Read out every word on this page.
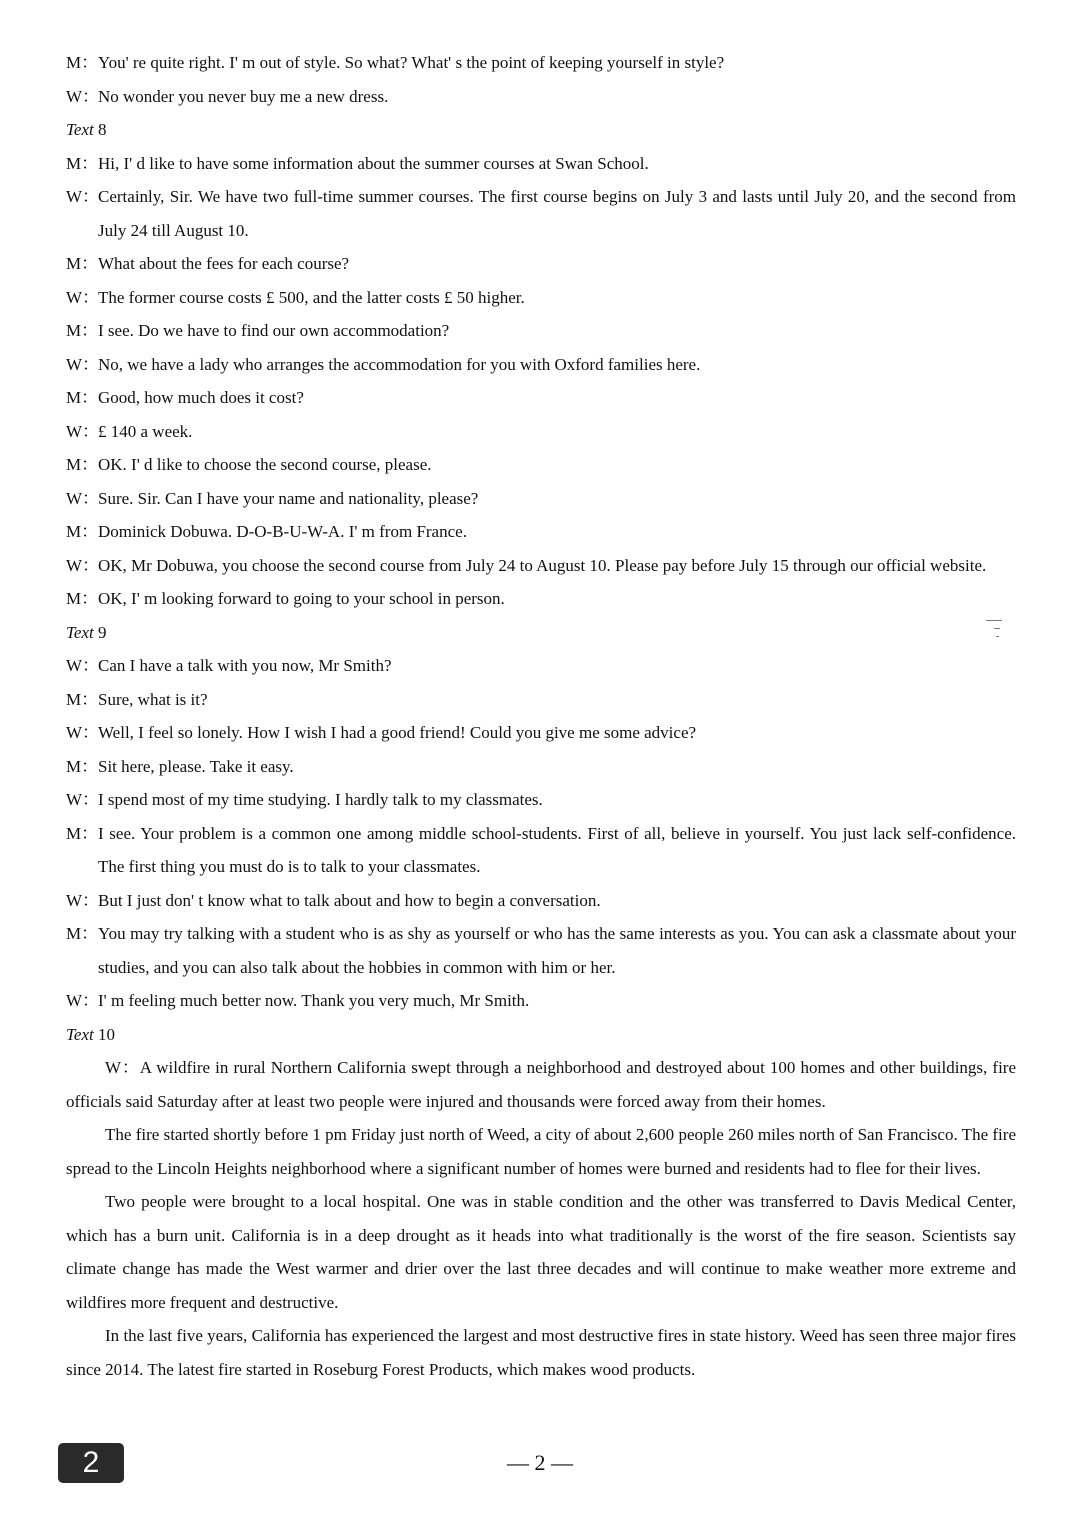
M：You' re quite right. I' m out of style. So what? What' s the point of keeping yourself in style?
W：No wonder you never buy me a new dress.
Text 8
M：Hi, I' d like to have some information about the summer courses at Swan School.
W：Certainly, Sir. We have two full-time summer courses. The first course begins on July 3 and lasts until July 20, and the second from July 24 till August 10.
M：What about the fees for each course?
W：The former course costs £ 500, and the latter costs £ 50 higher.
M：I see. Do we have to find our own accommodation?
W：No, we have a lady who arranges the accommodation for you with Oxford families here.
M：Good, how much does it cost?
W：£ 140 a week.
M：OK. I' d like to choose the second course, please.
W：Sure. Sir. Can I have your name and nationality, please?
M：Dominick Dobuwa. D-O-B-U-W-A. I' m from France.
W：OK, Mr Dobuwa, you choose the second course from July 24 to August 10. Please pay before July 15 through our official website.
M：OK, I' m looking forward to going to your school in person.
Text 9
W：Can I have a talk with you now, Mr Smith?
M：Sure, what is it?
W：Well, I feel so lonely. How I wish I had a good friend! Could you give me some advice?
M：Sit here, please. Take it easy.
W：I spend most of my time studying. I hardly talk to my classmates.
M：I see. Your problem is a common one among middle school-students. First of all, believe in yourself. You just lack self-confidence. The first thing you must do is to talk to your classmates.
W：But I just don' t know what to talk about and how to begin a conversation.
M：You may try talking with a student who is as shy as yourself or who has the same interests as you. You can ask a classmate about your studies, and you can also talk about the hobbies in common with him or her.
W：I' m feeling much better now. Thank you very much, Mr Smith.
Text 10
W：A wildfire in rural Northern California swept through a neighborhood and destroyed about 100 homes and other buildings, fire officials said Saturday after at least two people were injured and thousands were forced away from their homes.
The fire started shortly before 1 pm Friday just north of Weed, a city of about 2,600 people 260 miles north of San Francisco. The fire spread to the Lincoln Heights neighborhood where a significant number of homes were burned and residents had to flee for their lives.
Two people were brought to a local hospital. One was in stable condition and the other was transferred to Davis Medical Center, which has a burn unit. California is in a deep drought as it heads into what traditionally is the worst of the fire season. Scientists say climate change has made the West warmer and drier over the last three decades and will continue to make weather more extreme and wildfires more frequent and destructive.
In the last five years, California has experienced the largest and most destructive fires in state history. Weed has seen three major fires since 2014. The latest fire started in Roseburg Forest Products, which makes wood products.
2	— 2 —
